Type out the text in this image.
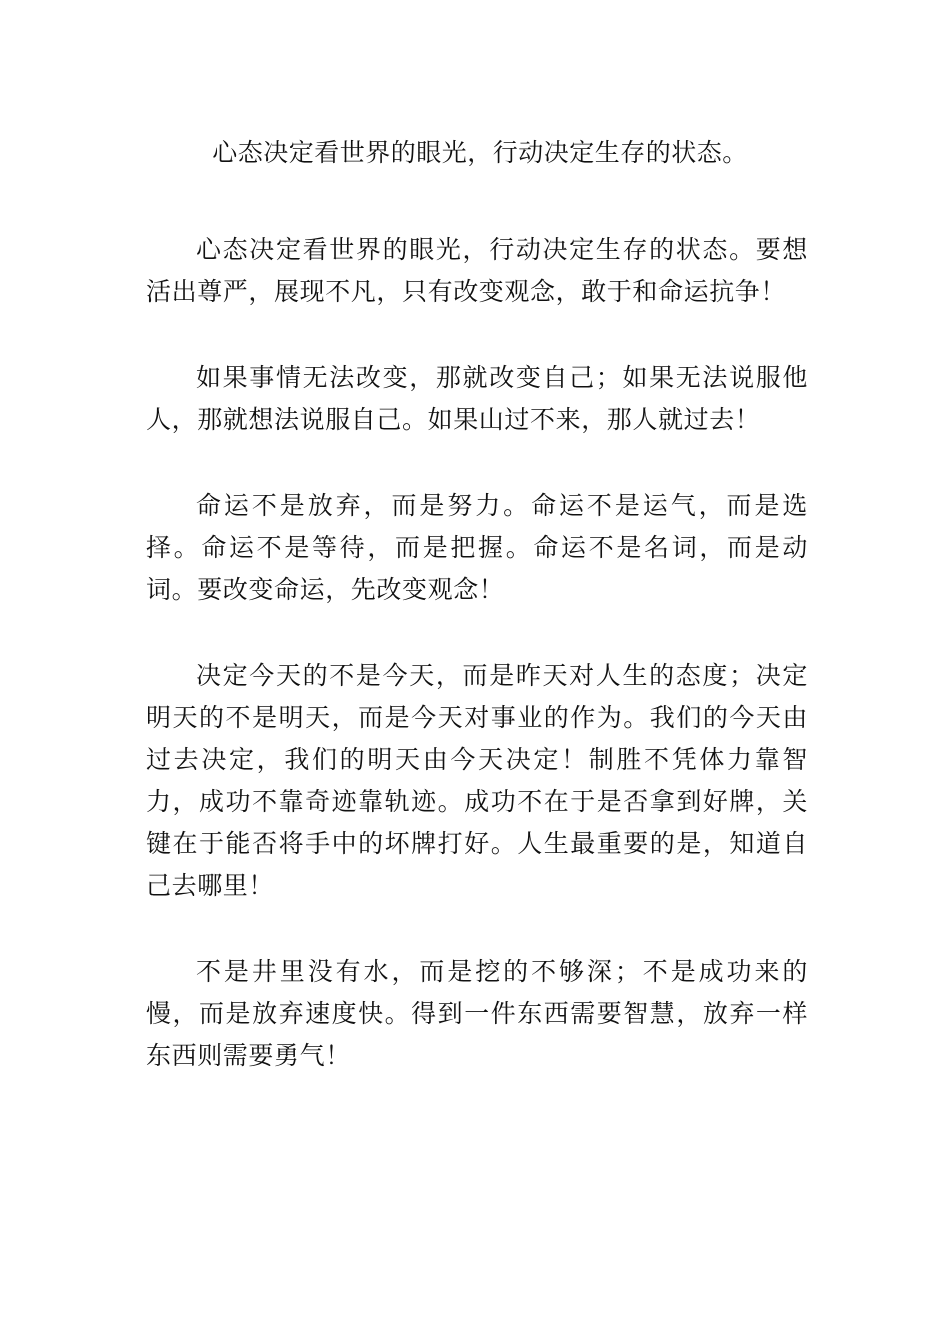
心态决定看世界的眼光，行动决定生存的状态。

心态决定看世界的眼光，行动决定生存的状态。要想活出尊严，展现不凡，只有改变观念，敢于和命运抗争！

如果事情无法改变，那就改变自己；如果无法说服他人，那就想法说服自己。如果山过不来，那人就过去！

命运不是放弃，而是努力。命运不是运气，而是选择。命运不是等待，而是把握。命运不是名词，而是动词。要改变命运，先改变观念！

决定今天的不是今天，而是昨天对人生的态度；决定明天的不是明天，而是今天对事业的作为。我们的今天由过去决定，我们的明天由今天决定！制胜不凭体力靠智力，成功不靠奇迹靠轨迹。成功不在于是否拿到好牌，关键在于能否将手中的坏牌打好。人生最重要的是，知道自己去哪里！

不是井里没有水，而是挖的不够深；不是成功来的慢，而是放弃速度快。得到一件东西需要智慧，放弃一样东西则需要勇气！
